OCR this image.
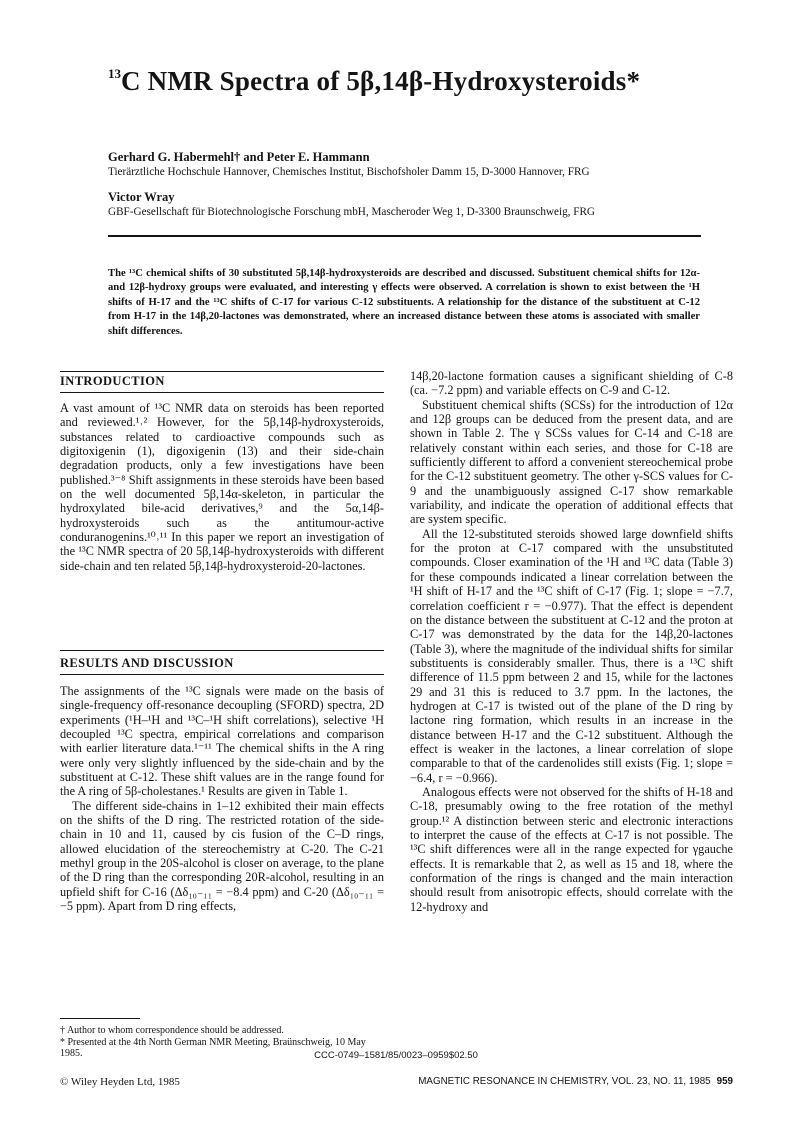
$^{13}$C NMR Spectra of 5β,14β-Hydroxysteroids*
Gerhard G. Habermehl† and Peter E. Hammann
Tierärztliche Hochschule Hannover, Chemisches Institut, Bischofsholer Damm 15, D-3000 Hannover, FRG
Victor Wray
GBF-Gesellschaft für Biotechnologische Forschung mbH, Mascheroder Weg 1, D-3300 Braunschweig, FRG
The ¹³C chemical shifts of 30 substituted 5β,14β-hydroxysteroids are described and discussed. Substituent chemical shifts for 12α- and 12β-hydroxy groups were evaluated, and interesting γ effects were observed. A correlation is shown to exist between the ¹H shifts of H-17 and the ¹³C shifts of C-17 for various C-12 substituents. A relationship for the distance of the substituent at C-12 from H-17 in the 14β,20-lactones was demonstrated, where an increased distance between these atoms is associated with smaller shift differences.
INTRODUCTION

A vast amount of ¹³C NMR data on steroids has been reported and reviewed.¹˒² However, for the 5β,14β-hydroxysteroids, substances related to cardioactive compounds such as digitoxigenin (1), digoxigenin (13) and their side-chain degradation products, only a few investigations have been published.³⁻⁸ Shift assignments in these steroids have been based on the well documented 5β,14α-skeleton, in particular the hydroxylated bile-acid derivatives,⁹ and the 5α,14β-hydroxysteroids such as the antitumour-active conduranogenins.¹⁰˒¹¹ In this paper we report an investigation of the ¹³C NMR spectra of 20 5β,14β-hydroxysteroids with different side-chain and ten related 5β,14β-hydroxysteroid-20-lactones.

RESULTS AND DISCUSSION

The assignments of the ¹³C signals were made on the basis of single-frequency off-resonance decoupling (SFORD) spectra, 2D experiments (¹H–¹H and ¹³C–¹H shift correlations), selective ¹H decoupled ¹³C spectra, empirical correlations and comparison with earlier literature data.¹⁻¹¹ The chemical shifts in the A ring were only very slightly influenced by the side-chain and by the substituent at C-12. These shift values are in the range found for the A ring of 5β-cholestanes.¹ Results are given in Table 1.

The different side-chains in 1–12 exhibited their main effects on the shifts of the D ring. The restricted rotation of the side-chain in 10 and 11, caused by cis fusion of the C–D rings, allowed elucidation of the stereochemistry at C-20. The C-21 methyl group in the 20S-alcohol is closer on average, to the plane of the D ring than the corresponding 20R-alcohol, resulting in an upfield shift for C-16 (Δδ₁₀₋₁₁ = −8.4 ppm) and C-20 (Δδ₁₀₋₁₁ = −5 ppm). Apart from D ring effects,

† Author to whom correspondence should be addressed.

* Presented at the 4th North German NMR Meeting, Braünschweig, 10 May 1985.

14β,20-lactone formation causes a significant shielding of C-8 (ca. −7.2 ppm) and variable effects on C-9 and C-12.

Substituent chemical shifts (SCSs) for the introduction of 12α and 12β groups can be deduced from the present data, and are shown in Table 2. The γ SCSs values for C-14 and C-18 are relatively constant within each series, and those for C-18 are sufficiently different to afford a convenient stereochemical probe for the C-12 substituent geometry. The other γ-SCS values for C-9 and the unambiguously assigned C-17 show remarkable variability, and indicate the operation of additional effects that are system specific.

All the 12-substituted steroids showed large downfield shifts for the proton at C-17 compared with the unsubstituted compounds. Closer examination of the ¹H and ¹³C data (Table 3) for these compounds indicated a linear correlation between the ¹H shift of H-17 and the ¹³C shift of C-17 (Fig. 1; slope = −7.7, correlation coefficient r = −0.977). That the effect is dependent on the distance between the substituent at C-12 and the proton at C-17 was demonstrated by the data for the 14β,20-lactones (Table 3), where the magnitude of the individual shifts for similar substituents is considerably smaller. Thus, there is a ¹³C shift difference of 11.5 ppm between 2 and 15, while for the lactones 29 and 31 this is reduced to 3.7 ppm. In the lactones, the hydrogen at C-17 is twisted out of the plane of the D ring by lactone ring formation, which results in an increase in the distance between H-17 and the C-12 substituent. Although the effect is weaker in the lactones, a linear correlation of slope comparable to that of the cardenolides still exists (Fig. 1; slope = −6.4, r = −0.966).

Analogous effects were not observed for the shifts of H-18 and C-18, presumably owing to the free rotation of the methyl group.¹² A distinction between steric and electronic interactions to interpret the cause of the effects at C-17 is not possible. The ¹³C shift differences were all in the range expected for γgauche effects. It is remarkable that 2, as well as 15 and 18, where the conformation of the rings is changed and the main interaction should result from anisotropic effects, should correlate with the 12-hydroxy and

CCC-0749–1581/85/0023–0959$02.50
© Wiley Heyden Ltd, 1985	MAGNETIC RESONANCE IN CHEMISTRY, VOL. 23, NO. 11, 1985 959
